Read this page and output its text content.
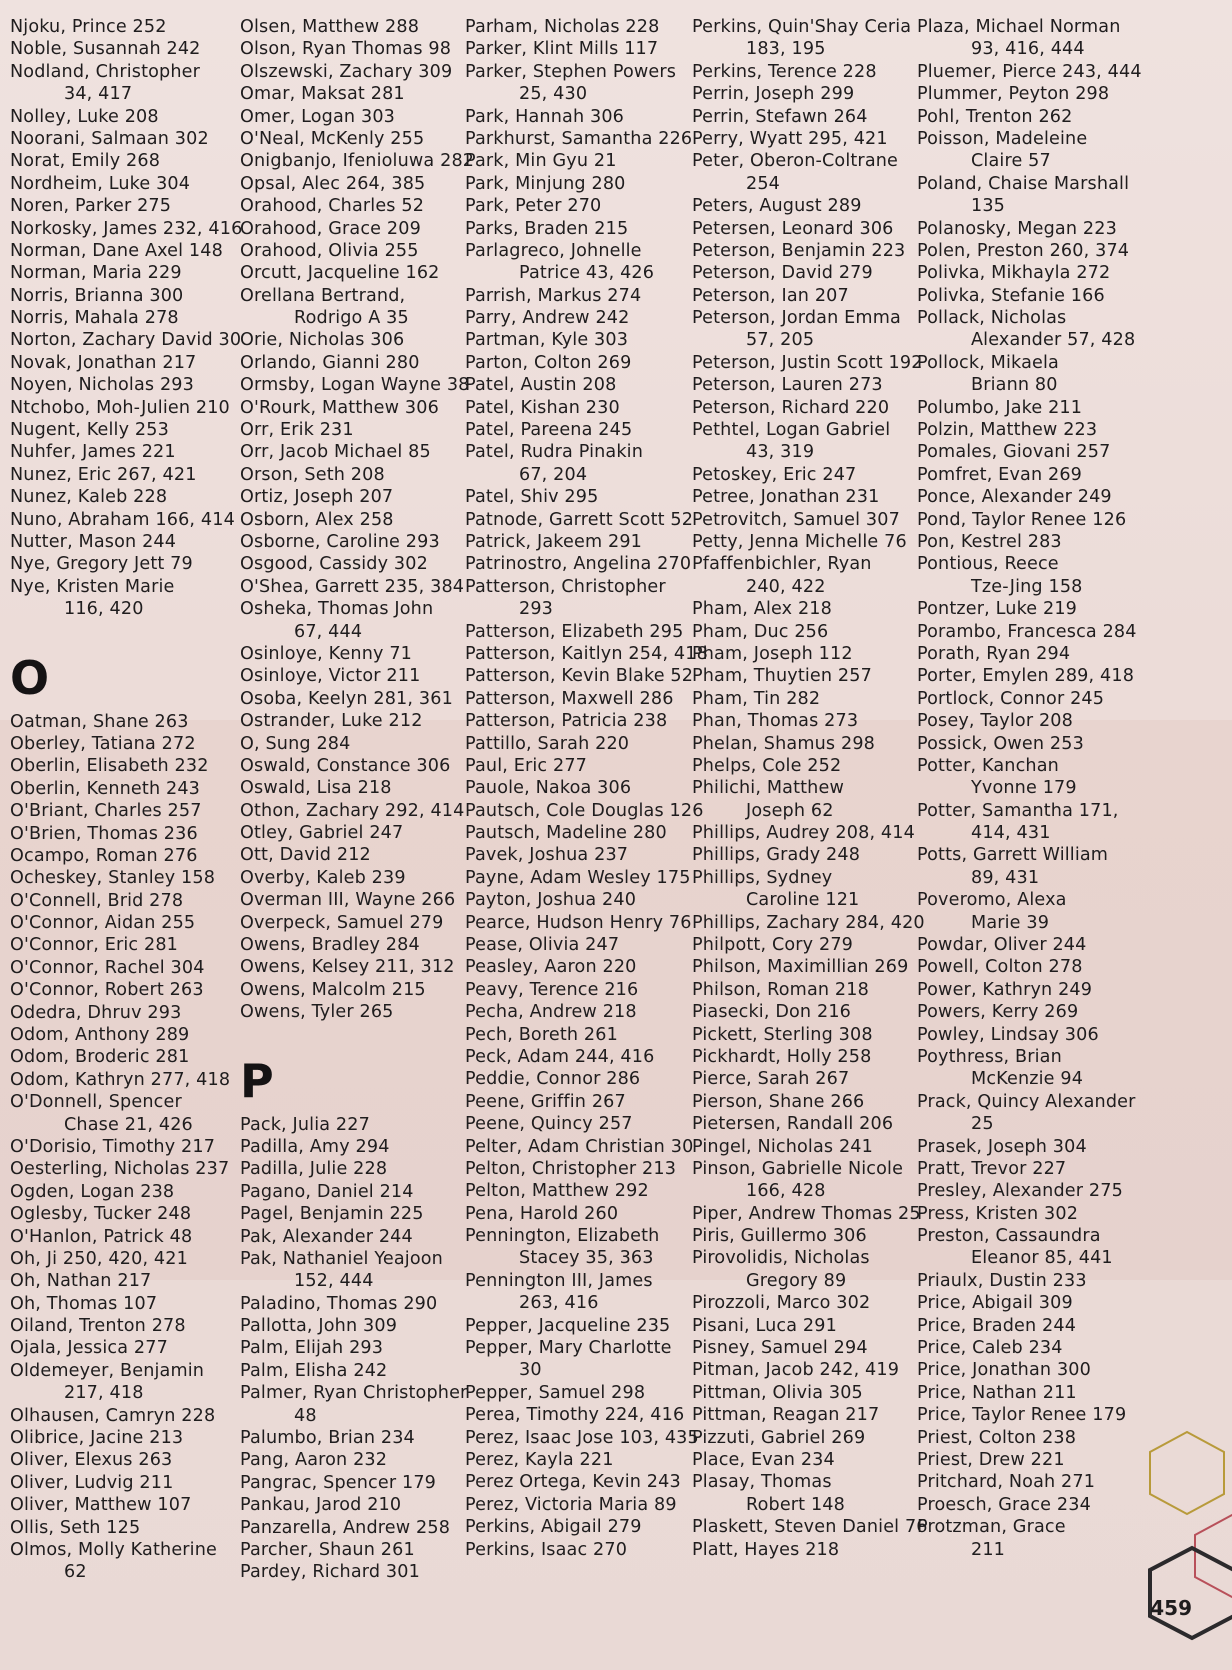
Njoku, Prince 252
Noble, Susannah 242
Nodland, Christopher
34, 417
Nolley, Luke 208
Noorani, Salmaan 302
Norat, Emily 268
Nordheim, Luke 304
Noren, Parker 275
Norkosky, James 232, 416
Norman, Dane Axel 148
Norman, Maria 229
Norris, Brianna 300
Norris, Mahala 278
Norton, Zachary David 30
Novak, Jonathan 217
Noyen, Nicholas 293
Ntchobo, Moh-Julien 210
Nugent, Kelly 253
Nuhfer, James 221
Nunez, Eric 267, 421
Nunez, Kaleb 228
Nuno, Abraham 166, 414
Nutter, Mason 244
Nye, Gregory Jett 79
Nye, Kristen Marie
116, 420
O
Oatman, Shane 263
Oberley, Tatiana 272
Oberlin, Elisabeth 232
Oberlin, Kenneth 243
O'Briant, Charles 257
O'Brien, Thomas 236
Ocampo, Roman 276
Ocheskey, Stanley 158
O'Connell, Brid 278
O'Connor, Aidan 255
O'Connor, Eric 281
O'Connor, Rachel 304
O'Connor, Robert 263
Odedra, Dhruv 293
Odom, Anthony 289
Odom, Broderic 281
Odom, Kathryn 277, 418
O'Donnell, Spencer
Chase 21, 426
O'Dorisio, Timothy 217
Oesterling, Nicholas 237
Ogden, Logan 238
Oglesby, Tucker 248
O'Hanlon, Patrick 48
Oh, Ji 250, 420, 421
Oh, Nathan 217
Oh, Thomas 107
Oiland, Trenton 278
Ojala, Jessica 277
Oldemeyer, Benjamin
217, 418
Olhausen, Camryn 228
Olibrice, Jacine 213
Oliver, Elexus 263
Oliver, Ludvig 211
Oliver, Matthew 107
Ollis, Seth 125
Olmos, Molly Katherine
62
Olsen, Matthew 288
Olson, Ryan Thomas 98
Olszewski, Zachary 309
Omar, Maksat 281
Omer, Logan 303
O'Neal, McKenly 255
Onigbanjo, Ifenioluwa 282
Opsal, Alec 264, 385
Orahood, Charles 52
Orahood, Grace 209
Orahood, Olivia 255
Orcutt, Jacqueline 162
Orellana Bertrand,
Rodrigo A 35
Orie, Nicholas 306
Orlando, Gianni 280
Ormsby, Logan Wayne 38
O'Rourk, Matthew 306
Orr, Erik 231
Orr, Jacob Michael 85
Orson, Seth 208
Ortiz, Joseph 207
Osborn, Alex 258
Osborne, Caroline 293
Osgood, Cassidy 302
O'Shea, Garrett 235, 384
Osheka, Thomas John
67, 444
Osinloye, Kenny 71
Osinloye, Victor 211
Osoba, Keelyn 281, 361
Ostrander, Luke 212
O, Sung 284
Oswald, Constance 306
Oswald, Lisa 218
Othon, Zachary 292, 414
Otley, Gabriel 247
Ott, David 212
Overby, Kaleb 239
Overman III, Wayne 266
Overpeck, Samuel 279
Owens, Bradley 284
Owens, Kelsey 211, 312
Owens, Malcolm 215
Owens, Tyler 265
P
Pack, Julia 227
Padilla, Amy 294
Padilla, Julie 228
Pagano, Daniel 214
Pagel, Benjamin 225
Pak, Alexander 244
Pak, Nathaniel Yeajoon
152, 444
Paladino, Thomas 290
Pallotta, John 309
Palm, Elijah 293
Palm, Elisha 242
Palmer, Ryan Christopher
48
Palumbo, Brian 234
Pang, Aaron 232
Pangrac, Spencer 179
Pankau, Jarod 210
Panzarella, Andrew 258
Parcher, Shaun 261
Pardey, Richard 301
Parham, Nicholas 228
Parker, Klint Mills 117
Parker, Stephen Powers
25, 430
Park, Hannah 306
Parkhurst, Samantha 226
Park, Min Gyu 21
Park, Minjung 280
Park, Peter 270
Parks, Braden 215
Parlagreco, Johnelle
Patrice 43, 426
Parrish, Markus 274
Parry, Andrew 242
Partman, Kyle 303
Parton, Colton 269
Patel, Austin 208
Patel, Kishan 230
Patel, Pareena 245
Patel, Rudra Pinakin
67, 204
Patel, Shiv 295
Patnode, Garrett Scott 52
Patrick, Jakeem 291
Patrinostro, Angelina 270
Patterson, Christopher
293
Patterson, Elizabeth 295
Patterson, Kaitlyn 254, 418
Patterson, Kevin Blake 52
Patterson, Maxwell 286
Patterson, Patricia 238
Pattillo, Sarah 220
Paul, Eric 277
Pauole, Nakoa 306
Pautsch, Cole Douglas 126
Pautsch, Madeline 280
Pavek, Joshua 237
Payne, Adam Wesley 175
Payton, Joshua 240
Pearce, Hudson Henry 76
Pease, Olivia 247
Peasley, Aaron 220
Peavy, Terence 216
Pecha, Andrew 218
Pech, Boreth 261
Peck, Adam 244, 416
Peddie, Connor 286
Peene, Griffin 267
Peene, Quincy 257
Pelter, Adam Christian 30
Pelton, Christopher 213
Pelton, Matthew 292
Pena, Harold 260
Pennington, Elizabeth
Stacey 35, 363
Pennington III, James
263, 416
Pepper, Jacqueline 235
Pepper, Mary Charlotte
30
Pepper, Samuel 298
Perea, Timothy 224, 416
Perez, Isaac Jose 103, 435
Perez, Kayla 221
Perez Ortega, Kevin 243
Perez, Victoria Maria 89
Perkins, Abigail 279
Perkins, Isaac 270
Perkins, Quin'Shay Ceria
183, 195
Perkins, Terence 228
Perrin, Joseph 299
Perrin, Stefawn 264
Perry, Wyatt 295, 421
Peter, Oberon-Coltrane
254
Peters, August 289
Petersen, Leonard 306
Peterson, Benjamin 223
Peterson, David 279
Peterson, Ian 207
Peterson, Jordan Emma
57, 205
Peterson, Justin Scott 192
Peterson, Lauren 273
Peterson, Richard 220
Pethtel, Logan Gabriel
43, 319
Petoskey, Eric 247
Petree, Jonathan 231
Petrovitch, Samuel 307
Petty, Jenna Michelle 76
Pfaffenbichler, Ryan
240, 422
Pham, Alex 218
Pham, Duc 256
Pham, Joseph 112
Pham, Thuytien 257
Pham, Tin 282
Phan, Thomas 273
Phelan, Shamus 298
Phelps, Cole 252
Philichi, Matthew
Joseph 62
Phillips, Audrey 208, 414
Phillips, Grady 248
Phillips, Sydney
Caroline 121
Phillips, Zachary 284, 420
Philpott, Cory 279
Philson, Maximillian 269
Philson, Roman 218
Piasecki, Don 216
Pickett, Sterling 308
Pickhardt, Holly 258
Pierce, Sarah 267
Pierson, Shane 266
Pietersen, Randall 206
Pingel, Nicholas 241
Pinson, Gabrielle Nicole
166, 428
Piper, Andrew Thomas 25
Piris, Guillermo 306
Pirovolidis, Nicholas
Gregory 89
Pirozzoli, Marco 302
Pisani, Luca 291
Pisney, Samuel 294
Pitman, Jacob 242, 419
Pittman, Olivia 305
Pittman, Reagan 217
Pizzuti, Gabriel 269
Place, Evan 234
Plasay, Thomas
Robert 148
Plaskett, Steven Daniel 76
Platt, Hayes 218
Plaza, Michael Norman
93, 416, 444
Pluemer, Pierce 243, 444
Plummer, Peyton 298
Pohl, Trenton 262
Poisson, Madeleine
Claire 57
Poland, Chaise Marshall
135
Polanosky, Megan 223
Polen, Preston 260, 374
Polivka, Mikhayla 272
Polivka, Stefanie 166
Pollack, Nicholas
Alexander 57, 428
Pollock, Mikaela
Briann 80
Polumbo, Jake 211
Polzin, Matthew 223
Pomales, Giovani 257
Pomfret, Evan 269
Ponce, Alexander 249
Pond, Taylor Renee 126
Pon, Kestrel 283
Pontious, Reece
Tze-Jing 158
Pontzer, Luke 219
Porambo, Francesca 284
Porath, Ryan 294
Porter, Emylen 289, 418
Portlock, Connor 245
Posey, Taylor 208
Possick, Owen 253
Potter, Kanchan
Yvonne 179
Potter, Samantha 171,
414, 431
Potts, Garrett William
89, 431
Poveromo, Alexa
Marie 39
Powdar, Oliver 244
Powell, Colton 278
Power, Kathryn 249
Powers, Kerry 269
Powley, Lindsay 306
Poythress, Brian
McKenzie 94
Prack, Quincy Alexander
25
Prasek, Joseph 304
Pratt, Trevor 227
Presley, Alexander 275
Press, Kristen 302
Preston, Cassaundra
Eleanor 85, 441
Priaulx, Dustin 233
Price, Abigail 309
Price, Braden 244
Price, Caleb 234
Price, Jonathan 300
Price, Nathan 211
Price, Taylor Renee 179
Priest, Colton 238
Priest, Drew 221
Pritchard, Noah 271
Proesch, Grace 234
Protzman, Grace
211
459
